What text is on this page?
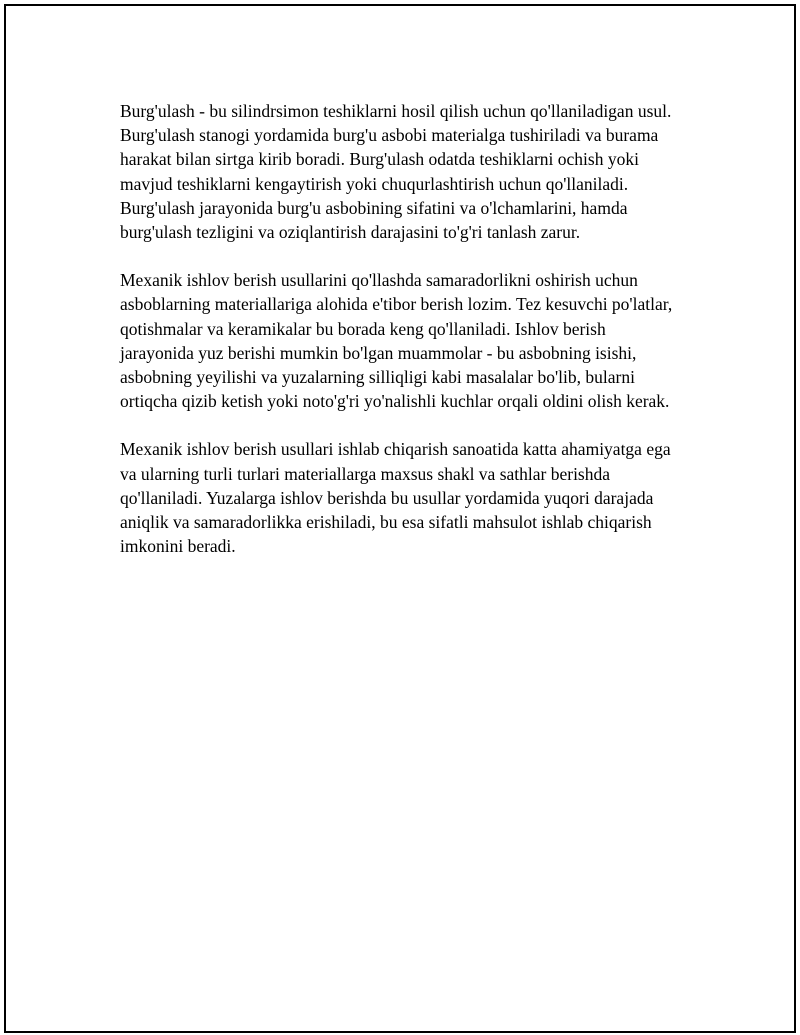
Burg'ulash - bu silindrsimon teshiklarni hosil qilish uchun qo'llaniladigan usul. Burg'ulash stanogi yordamida burg'u asbobi materialga tushiriladi va burama harakat bilan sirtga kirib boradi. Burg'ulash odatda teshiklarni ochish yoki mavjud teshiklarni kengaytirish yoki chuqurlashtirish uchun qo'llaniladi. Burg'ulash jarayonida burg'u asbobining sifatini va o'lchamlarini, hamda burg'ulash tezligini va oziqlantirish darajasini to'g'ri tanlash zarur.

Mexanik ishlov berish usullarini qo'llashda samaradorlikni oshirish uchun asboblarning materiallariga alohida e'tibor berish lozim. Tez kesuvchi po'latlar, qotishmalar va keramikalar bu borada keng qo'llaniladi. Ishlov berish jarayonida yuz berishi mumkin bo'lgan muammolar - bu asbobning isishi, asbobning yeyilishi va yuzalarning silliqligi kabi masalalar bo'lib, bularni ortiqcha qizib ketish yoki noto'g'ri yo'nalishli kuchlar orqali oldini olish kerak.

Mexanik ishlov berish usullari ishlab chiqarish sanoatida katta ahamiyatga ega va ularning turli turlari materiallarga maxsus shakl va sathlar berishda qo'llaniladi. Yuzalarga ishlov berishda bu usullar yordamida yuqori darajada aniqlik va samaradorlikka erishiladi, bu esa sifatli mahsulot ishlab chiqarish imkonini beradi.
